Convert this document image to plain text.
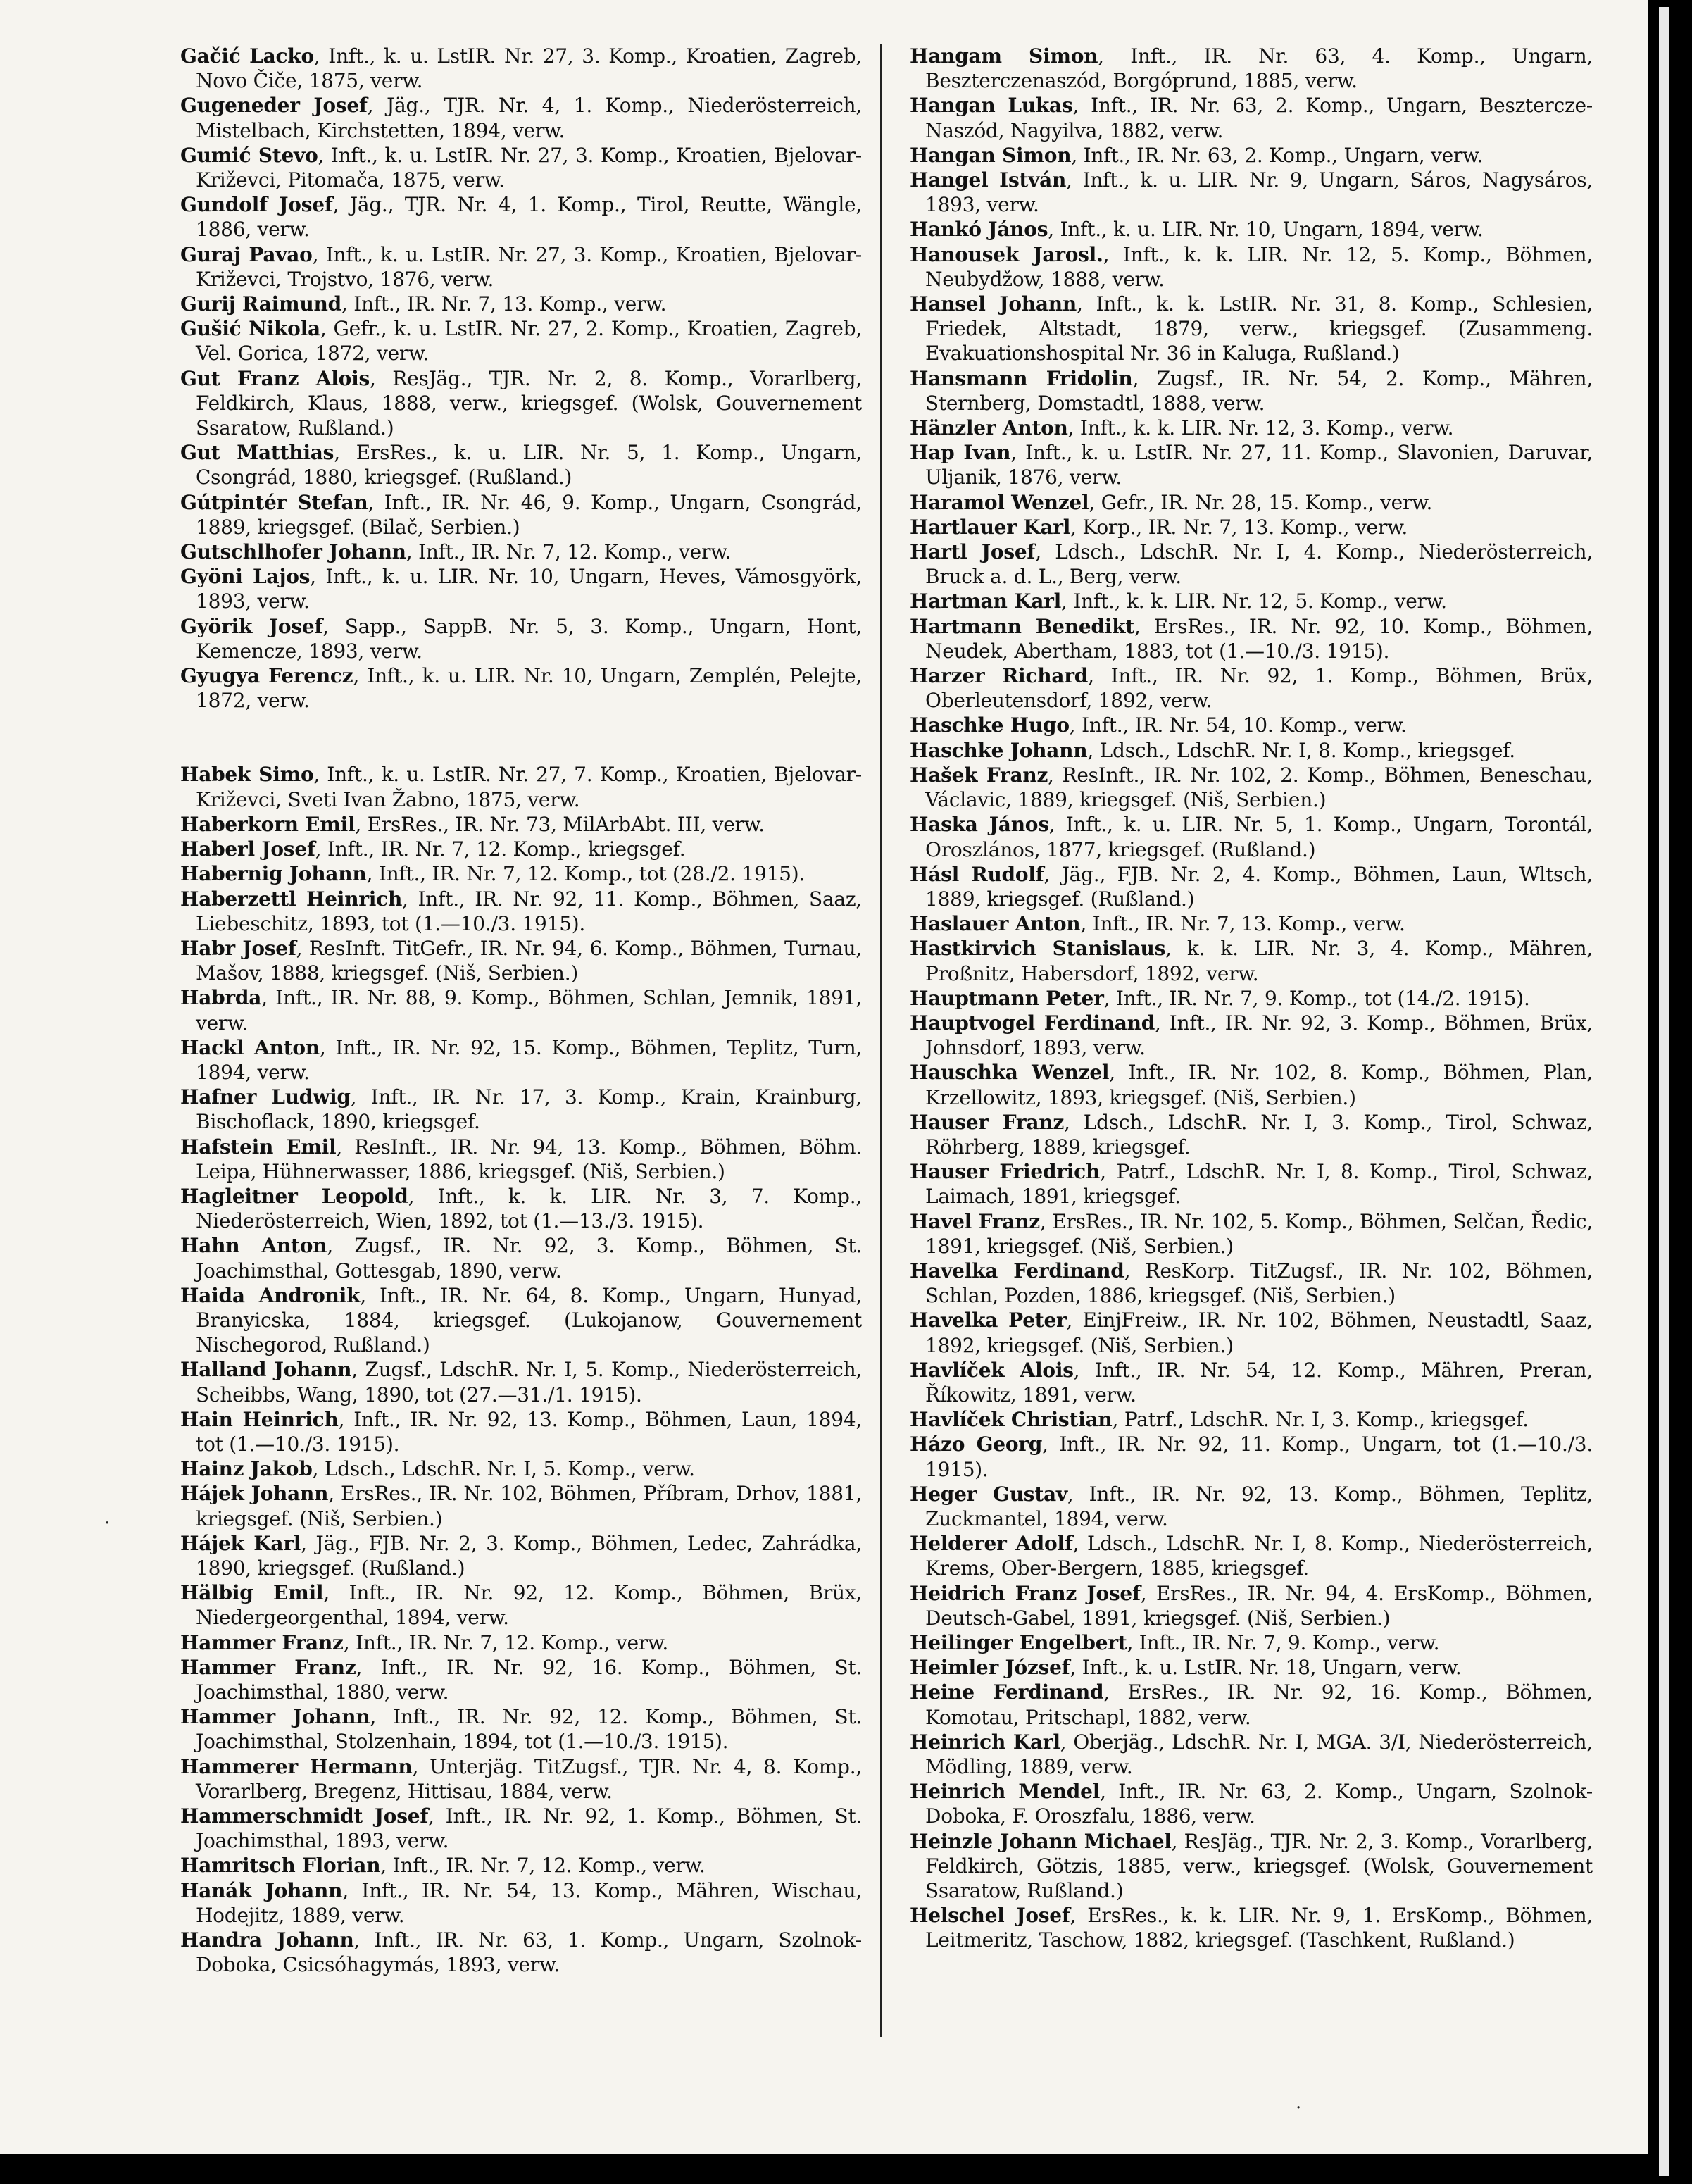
Gačić Lacko, Inft., k. u. LstIR. Nr. 27, 3. Komp., Kroatien, Zagreb, Novo Čiče, 1875, verw.
Gugeneder Josef, Jäg., TJR. Nr. 4, 1. Komp., Niederösterreich, Mistelbach, Kirchstetten, 1894, verw.
Gumić Stevo, Inft., k. u. LstIR. Nr. 27, 3. Komp., Kroatien, Bjelovar-Križevci, Pitomača, 1875, verw.
Gundolf Josef, Jäg., TJR. Nr. 4, 1. Komp., Tirol, Reutte, Wängle, 1886, verw.
Guraj Pavao, Inft., k. u. LstIR. Nr. 27, 3. Komp., Kroatien, Bjelovar-Križevci, Trojstvo, 1876, verw.
Gurij Raimund, Inft., IR. Nr. 7, 13. Komp., verw.
Gušić Nikola, Gefr., k. u. LstIR. Nr. 27, 2. Komp., Kroatien, Zagreb, Vel. Gorica, 1872, verw.
Gut Franz Alois, ResJäg., TJR. Nr. 2, 8. Komp., Vorarlberg, Feldkirch, Klaus, 1888, verw., kriegsgef. (Wolsk, Gouvernement Ssaratow, Rußland.)
Gut Matthias, ErsRes., k. u. LIR. Nr. 5, 1. Komp., Ungarn, Csongrád, 1880, kriegsgef. (Rußland.)
Gútpintér Stefan, Inft., IR. Nr. 46, 9. Komp., Ungarn, Csongrád, 1889, kriegsgef. (Bilač, Serbien.)
Gutschlhofer Johann, Inft., IR. Nr. 7, 12. Komp., verw.
Gyöni Lajos, Inft., k. u. LIR. Nr. 10, Ungarn, Heves, Vámosgyörk, 1893, verw.
Györik Josef, Sapp., SappB. Nr. 5, 3. Komp., Ungarn, Hont, Kemencze, 1893, verw.
Gyugya Ferencz, Inft., k. u. LIR. Nr. 10, Ungarn, Zemplén, Pelejte, 1872, verw.
Habek Simo, Inft., k. u. LstIR. Nr. 27, 7. Komp., Kroatien, Bjelovar-Križevci, Sveti Ivan Žabno, 1875, verw.
Haberkorn Emil, ErsRes., IR. Nr. 73, MilArbAbt. III, verw.
Haberl Josef, Inft., IR. Nr. 7, 12. Komp., kriegsgef.
Habernig Johann, Inft., IR. Nr. 7, 12. Komp., tot (28./2. 1915).
Haberzettl Heinrich, Inft., IR. Nr. 92, 11. Komp., Böhmen, Saaz, Liebeschitz, 1893, tot (1.—10./3. 1915).
Habr Josef, ResInft. TitGefr., IR. Nr. 94, 6. Komp., Böhmen, Turnau, Mašov, 1888, kriegsgef. (Niš, Serbien.)
Habrda, Inft., IR. Nr. 88, 9. Komp., Böhmen, Schlan, Jemnik, 1891, verw.
Hackl Anton, Inft., IR. Nr. 92, 15. Komp., Böhmen, Teplitz, Turn, 1894, verw.
Hafner Ludwig, Inft., IR. Nr. 17, 3. Komp., Krain, Krainburg, Bischoflack, 1890, kriegsgef.
Hafstein Emil, ResInft., IR. Nr. 94, 13. Komp., Böhmen, Böhm. Leipa, Hühnerwasser, 1886, kriegsgef. (Niš, Serbien.)
Hagleitner Leopold, Inft., k. k. LIR. Nr. 3, 7. Komp., Niederösterreich, Wien, 1892, tot (1.—13./3. 1915).
Hahn Anton, Zugsf., IR. Nr. 92, 3. Komp., Böhmen, St. Joachimsthal, Gottesgab, 1890, verw.
Haida Andronik, Inft., IR. Nr. 64, 8. Komp., Ungarn, Hunyad, Branyicska, 1884, kriegsgef. (Lukojanow, Gouvernement Nischegorod, Rußland.)
Halland Johann, Zugsf., LdschR. Nr. I, 5. Komp., Niederösterreich, Scheibbs, Wang, 1890, tot (27.—31./1. 1915).
Hain Heinrich, Inft., IR. Nr. 92, 13. Komp., Böhmen, Laun, 1894, tot (1.—10./3. 1915).
Hainz Jakob, Ldsch., LdschR. Nr. I, 5. Komp., verw.
Hájek Johann, ErsRes., IR. Nr. 102, Böhmen, Příbram, Drhov, 1881, kriegsgef. (Niš, Serbien.)
Hájek Karl, Jäg., FJB. Nr. 2, 3. Komp., Böhmen, Ledec, Zahrádka, 1890, kriegsgef. (Rußland.)
Hälbig Emil, Inft., IR. Nr. 92, 12. Komp., Böhmen, Brüx, Niedergeorgenthal, 1894, verw.
Hammer Franz, Inft., IR. Nr. 7, 12. Komp., verw.
Hammer Franz, Inft., IR. Nr. 92, 16. Komp., Böhmen, St. Joachimsthal, 1880, verw.
Hammer Johann, Inft., IR. Nr. 92, 12. Komp., Böhmen, St. Joachimsthal, Stolzenhain, 1894, tot (1.—10./3. 1915).
Hammerer Hermann, Unterjäg. TitZugsf., TJR. Nr. 4, 8. Komp., Vorarlberg, Bregenz, Hittisau, 1884, verw.
Hammerschmidt Josef, Inft., IR. Nr. 92, 1. Komp., Böhmen, St. Joachimsthal, 1893, verw.
Hamritsch Florian, Inft., IR. Nr. 7, 12. Komp., verw.
Hanák Johann, Inft., IR. Nr. 54, 13. Komp., Mähren, Wischau, Hodejitz, 1889, verw.
Handra Johann, Inft., IR. Nr. 63, 1. Komp., Ungarn, Szolnok-Doboka, Csicsóhagymás, 1893, verw.
Hangam Simon, Inft., IR. Nr. 63, 4. Komp., Ungarn, Beszterczenaszód, Borgóprund, 1885, verw.
Hangan Lukas, Inft., IR. Nr. 63, 2. Komp., Ungarn, Besztercze-Naszód, Nagyilva, 1882, verw.
Hangan Simon, Inft., IR. Nr. 63, 2. Komp., Ungarn, verw.
Hangel István, Inft., k. u. LIR. Nr. 9, Ungarn, Sáros, Nagysáros, 1893, verw.
Hankó János, Inft., k. u. LIR. Nr. 10, Ungarn, 1894, verw.
Hanousek Jarosl., Inft., k. k. LIR. Nr. 12, 5. Komp., Böhmen, Neubydžow, 1888, verw.
Hansel Johann, Inft., k. k. LstIR. Nr. 31, 8. Komp., Schlesien, Friedek, Altstadt, 1879, verw., kriegsgef. (Zusammeng. Evakuationshospital Nr. 36 in Kaluga, Rußland.)
Hansmann Fridolin, Zugsf., IR. Nr. 54, 2. Komp., Mähren, Sternberg, Domstadtl, 1888, verw.
Hänzler Anton, Inft., k. k. LIR. Nr. 12, 3. Komp., verw.
Hap Ivan, Inft., k. u. LstIR. Nr. 27, 11. Komp., Slavonien, Daruvar, Uljanik, 1876, verw.
Haramol Wenzel, Gefr., IR. Nr. 28, 15. Komp., verw.
Hartlauer Karl, Korp., IR. Nr. 7, 13. Komp., verw.
Hartl Josef, Ldsch., LdschR. Nr. I, 4. Komp., Niederösterreich, Bruck a. d. L., Berg, verw.
Hartman Karl, Inft., k. k. LIR. Nr. 12, 5. Komp., verw.
Hartmann Benedikt, ErsRes., IR. Nr. 92, 10. Komp., Böhmen, Neudek, Abertham, 1883, tot (1.—10./3. 1915).
Harzer Richard, Inft., IR. Nr. 92, 1. Komp., Böhmen, Brüx, Oberleutensdorf, 1892, verw.
Haschke Hugo, Inft., IR. Nr. 54, 10. Komp., verw.
Haschke Johann, Ldsch., LdschR. Nr. I, 8. Komp., kriegsgef.
Hašek Franz, ResInft., IR. Nr. 102, 2. Komp., Böhmen, Beneschau, Václavic, 1889, kriegsgef. (Niš, Serbien.)
Haska János, Inft., k. u. LIR. Nr. 5, 1. Komp., Ungarn, Torontál, Oroszlános, 1877, kriegsgef. (Rußland.)
Hásl Rudolf, Jäg., FJB. Nr. 2, 4. Komp., Böhmen, Laun, Wltsch, 1889, kriegsgef. (Rußland.)
Haslauer Anton, Inft., IR. Nr. 7, 13. Komp., verw.
Hastkirvich Stanislaus, k. k. LIR. Nr. 3, 4. Komp., Mähren, Proßnitz, Habersdorf, 1892, verw.
Hauptmann Peter, Inft., IR. Nr. 7, 9. Komp., tot (14./2. 1915).
Hauptvogel Ferdinand, Inft., IR. Nr. 92, 3. Komp., Böhmen, Brüx, Johnsdorf, 1893, verw.
Hauschka Wenzel, Inft., IR. Nr. 102, 8. Komp., Böhmen, Plan, Krzellowitz, 1893, kriegsgef. (Niš, Serbien.)
Hauser Franz, Ldsch., LdschR. Nr. I, 3. Komp., Tirol, Schwaz, Röhrberg, 1889, kriegsgef.
Hauser Friedrich, Patrf., LdschR. Nr. I, 8. Komp., Tirol, Schwaz, Laimach, 1891, kriegsgef.
Havel Franz, ErsRes., IR. Nr. 102, 5. Komp., Böhmen, Selčan, Ředic, 1891, kriegsgef. (Niš, Serbien.)
Havelka Ferdinand, ResKorp. TitZugsf., IR. Nr. 102, Böhmen, Schlan, Pozden, 1886, kriegsgef. (Niš, Serbien.)
Havelka Peter, EinjFreiw., IR. Nr. 102, Böhmen, Neustadtl, Saaz, 1892, kriegsgef. (Niš, Serbien.)
Havlíček Alois, Inft., IR. Nr. 54, 12. Komp., Mähren, Preran, Říkowitz, 1891, verw.
Havlíček Christian, Patrf., LdschR. Nr. I, 3. Komp., kriegsgef.
Házo Georg, Inft., IR. Nr. 92, 11. Komp., Ungarn, tot (1.—10./3. 1915).
Heger Gustav, Inft., IR. Nr. 92, 13. Komp., Böhmen, Teplitz, Zuckmantel, 1894, verw.
Helderer Adolf, Ldsch., LdschR. Nr. I, 8. Komp., Niederösterreich, Krems, Ober-Bergern, 1885, kriegsgef.
Heidrich Franz Josef, ErsRes., IR. Nr. 94, 4. ErsKomp., Böhmen, Deutsch-Gabel, 1891, kriegsgef. (Niš, Serbien.)
Heilinger Engelbert, Inft., IR. Nr. 7, 9. Komp., verw.
Heimler József, Inft., k. u. LstIR. Nr. 18, Ungarn, verw.
Heine Ferdinand, ErsRes., IR. Nr. 92, 16. Komp., Böhmen, Komotau, Pritschapl, 1882, verw.
Heinrich Karl, Oberjäg., LdschR. Nr. I, MGA. 3/I, Niederösterreich, Mödling, 1889, verw.
Heinrich Mendel, Inft., IR. Nr. 63, 2. Komp., Ungarn, Szolnok-Doboka, F. Oroszfalu, 1886, verw.
Heinzle Johann Michael, ResJäg., TJR. Nr. 2, 3. Komp., Vorarlberg, Feldkirch, Götzis, 1885, verw., kriegsgef. (Wolsk, Gouvernement Ssaratow, Rußland.)
Helschel Josef, ErsRes., k. k. LIR. Nr. 9, 1. ErsKomp., Böhmen, Leitmeritz, Taschow, 1882, kriegsgef. (Taschkent, Rußland.)
·
·
